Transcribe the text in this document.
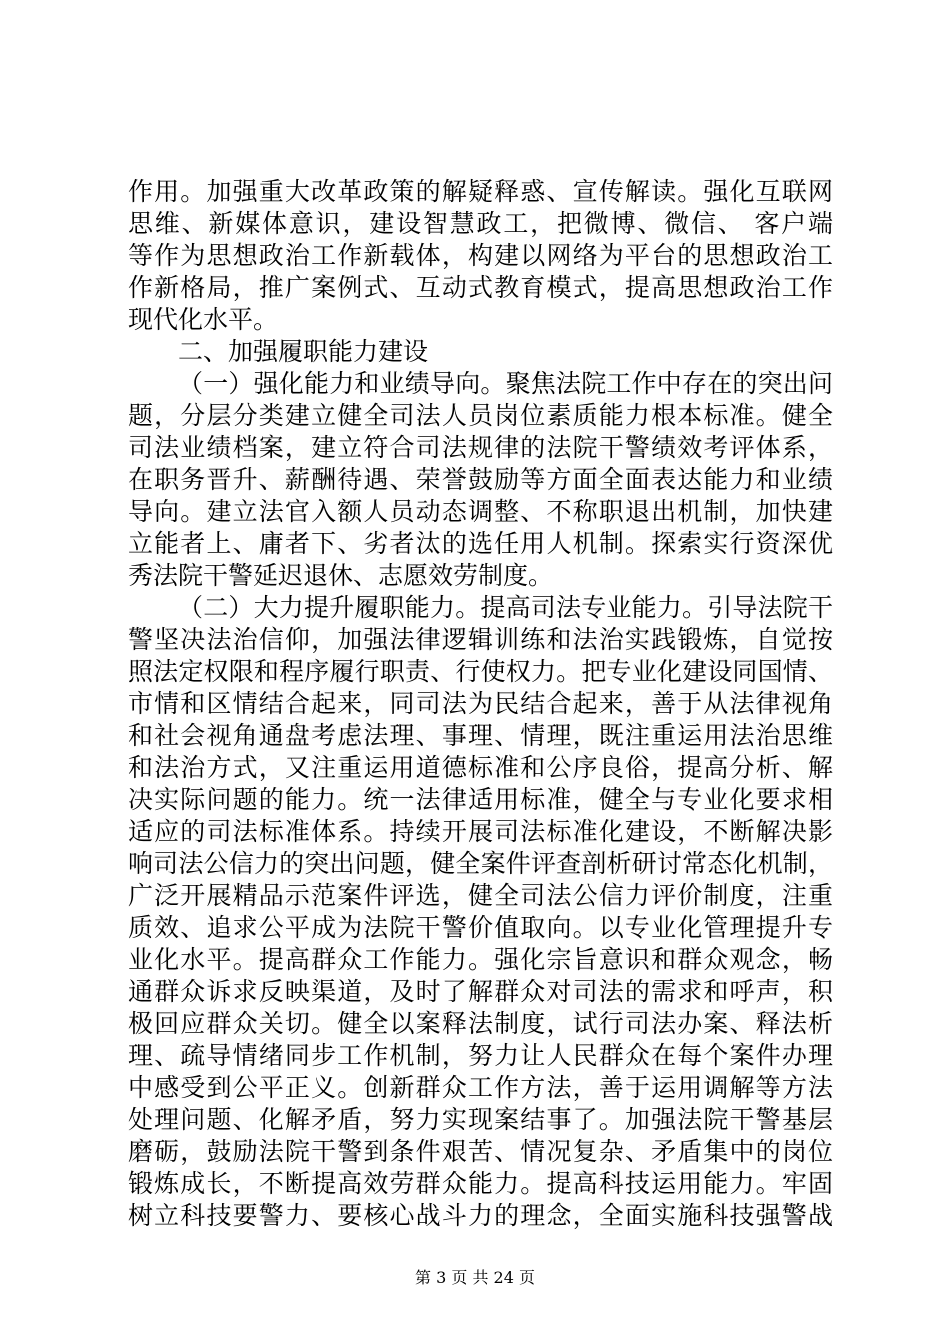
作用。加强重大改革政策的解疑释惑、宣传解读。强化互联网
思维、新媒体意识，建设智慧政工，把微博、微信、 客户端
等作为思想政治工作新载体，构建以网络为平台的思想政治工
作新格局，推广案例式、互动式教育模式，提高思想政治工作
现代化水平。
二、加强履职能力建设
（一）强化能力和业绩导向。聚焦法院工作中存在的突出问
题，分层分类建立健全司法人员岗位素质能力根本标准。健全
司法业绩档案，建立符合司法规律的法院干警绩效考评体系，
在职务晋升、薪酬待遇、荣誉鼓励等方面全面表达能力和业绩
导向。建立法官入额人员动态调整、不称职退出机制，加快建
立能者上、庸者下、劣者汰的选任用人机制。探索实行资深优
秀法院干警延迟退休、志愿效劳制度。
（二）大力提升履职能力。提高司法专业能力。引导法院干
警坚决法治信仰，加强法律逻辑训练和法治实践锻炼，自觉按
照法定权限和程序履行职责、行使权力。把专业化建设同国情、
市情和区情结合起来，同司法为民结合起来，善于从法律视角
和社会视角通盘考虑法理、事理、情理，既注重运用法治思维
和法治方式，又注重运用道德标准和公序良俗，提高分析、解
决实际问题的能力。统一法律适用标准，健全与专业化要求相
适应的司法标准体系。持续开展司法标准化建设，不断解决影
响司法公信力的突出问题，健全案件评查剖析研讨常态化机制，
广泛开展精品示范案件评选，健全司法公信力评价制度，注重
质效、追求公平成为法院干警价值取向。以专业化管理提升专
业化水平。提高群众工作能力。强化宗旨意识和群众观念，畅
通群众诉求反映渠道，及时了解群众对司法的需求和呼声，积
极回应群众关切。健全以案释法制度，试行司法办案、释法析
理、疏导情绪同步工作机制，努力让人民群众在每个案件办理
中感受到公平正义。创新群众工作方法，善于运用调解等方法
处理问题、化解矛盾，努力实现案结事了。加强法院干警基层
磨砺，鼓励法院干警到条件艰苦、情况复杂、矛盾集中的岗位
锻炼成长，不断提高效劳群众能力。提高科技运用能力。牢固
树立科技要警力、要核心战斗力的理念，全面实施科技强警战
第 3 页 共 24 页
